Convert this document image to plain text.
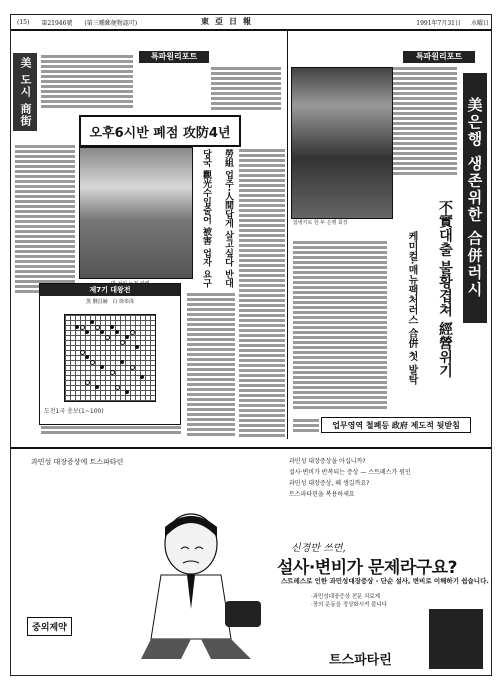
(15) 第21946號 (第三種郵便物認可)	東亞日報	1991年7月31日 水曜日
특파원리포트
美 도시 商街
오후6시반 폐점 攻防4년
당국 觀光수입줄어 被害 업자 요구	勞組 업주·人間답게 살고싶다 반대
제7기 대왕전
黑 劉昌赫 白 徐奉洙
도전1국 총보(1~100)
특파원리포트
합병키로 한 두 은행 회장	美은행 생존위한 合併러시
不實대출 불황겹쳐 經營위기
케미컬·매뉴팩처러스 合倂 첫 발탁
업무영역 철폐등 政府 제도적 뒷받침
과민성 대장증상에 트스파타린	과민성 대장증상을 아십니까?
설사·변비가 반복되는 증상 — 스트레스가 원인
과민성 대장증상, 왜 생길까요?
트스파타린을 복용하세요
신경만 쓰면,
설사·변비가 문제라구요?
스트레스로 인한 과민성대장증상 - 단순 설사, 변비로 이해하기 쉽습니다.
·과민성대장증상 전문 치료제
·장의 운동을 정상화시켜 줍니다
트스파타린
중외제약
